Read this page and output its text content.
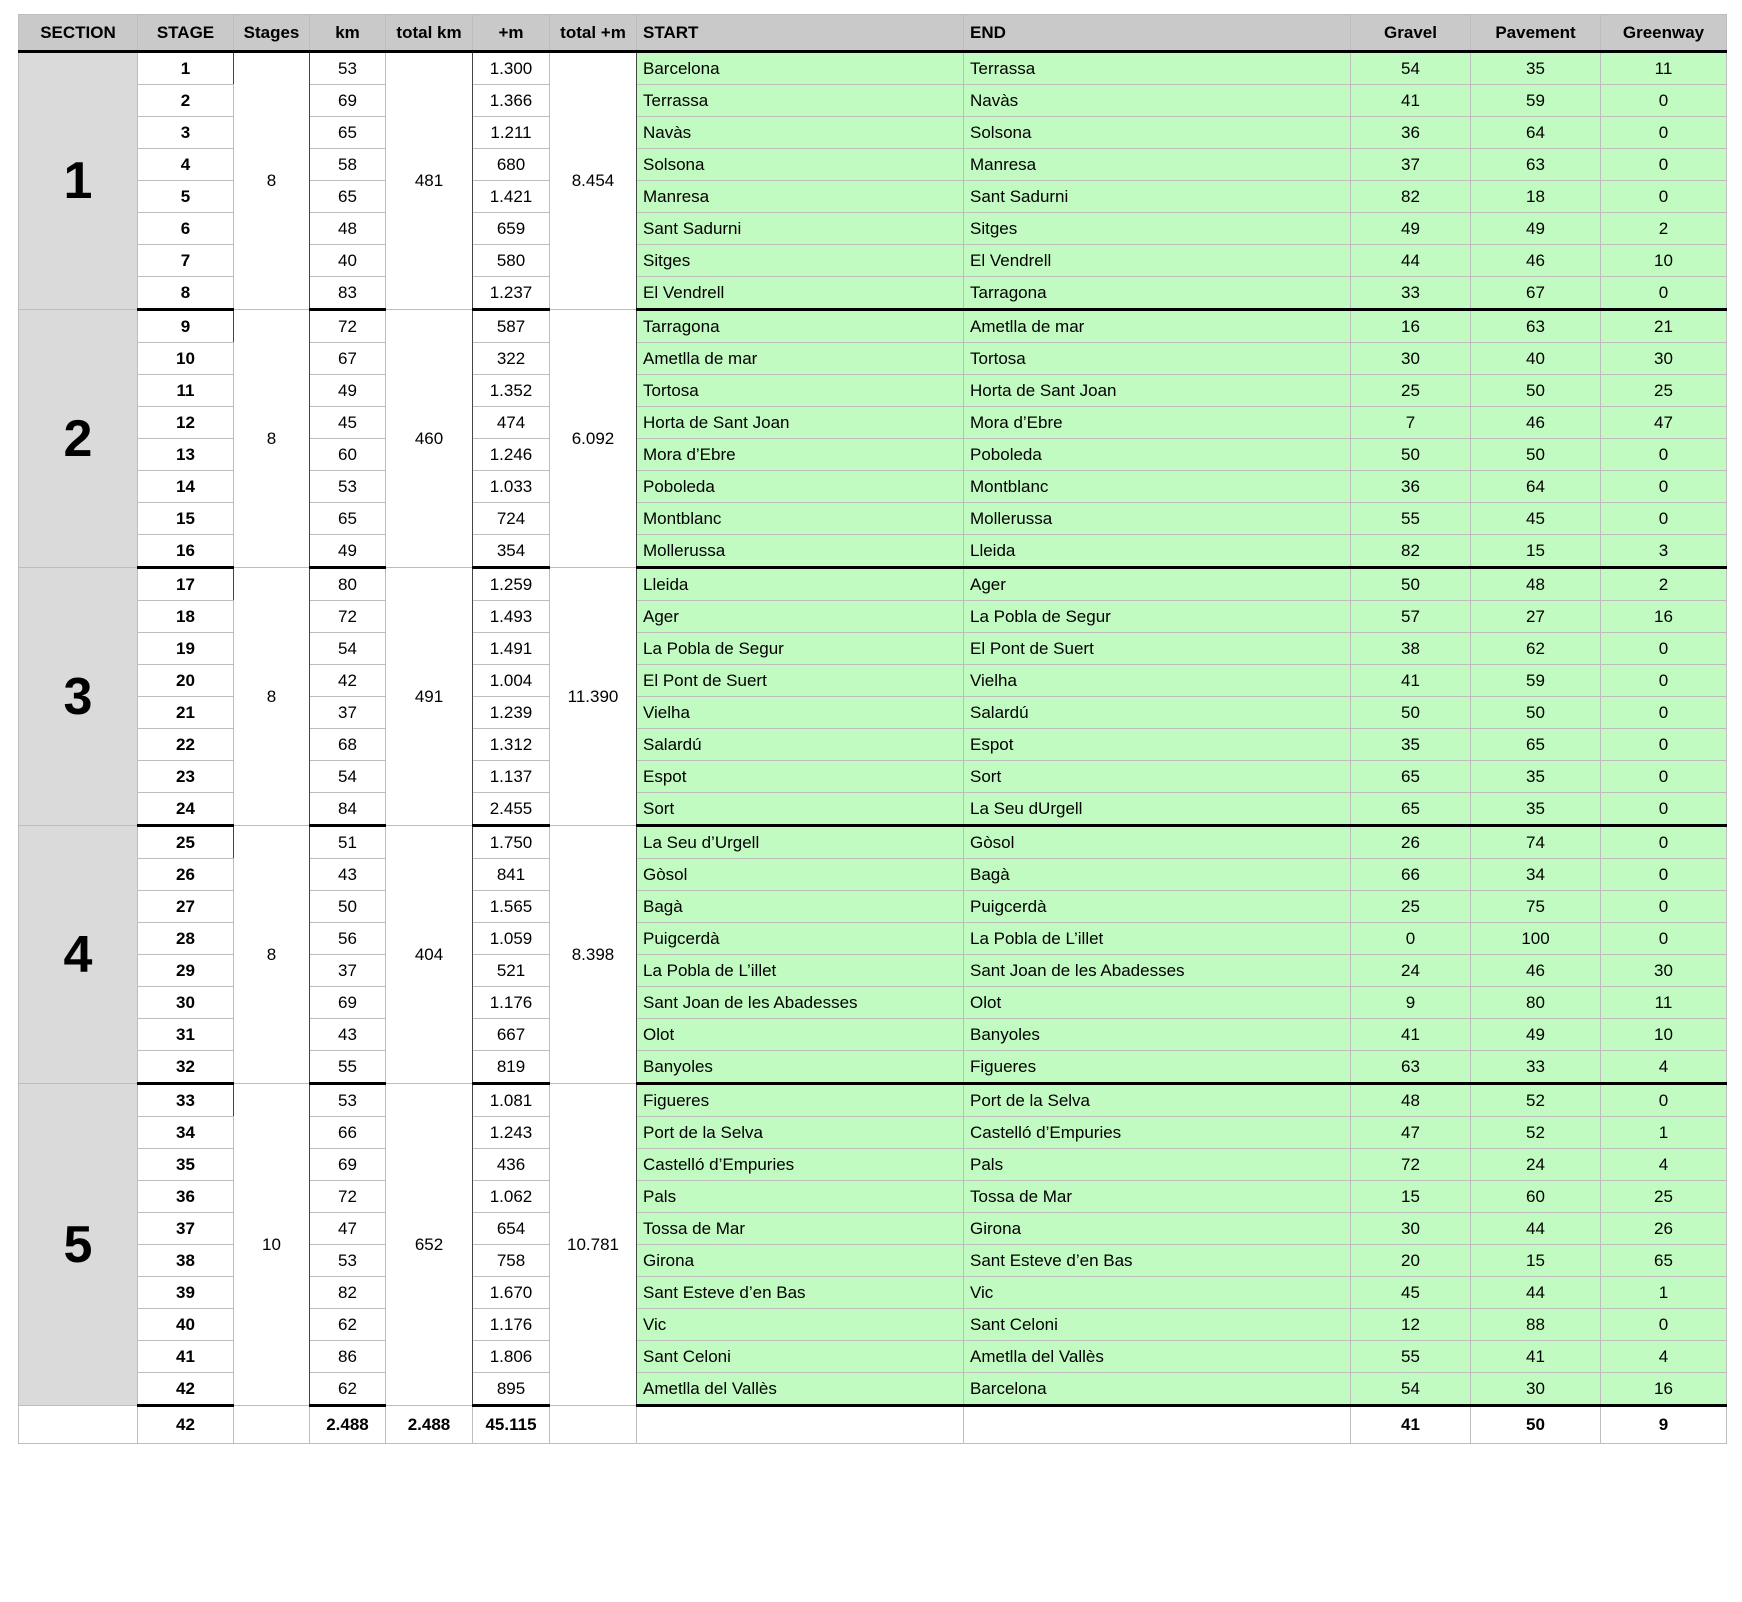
SECTION	STAGE	Stages	km	total km	+m	total +m	START	END	Gravel	Pavement	Greenway
1	1	8	53	481	1.300	8.454	Barcelona	Terrassa	54	35	11
	2		69		1.366		Terrassa	Navàs	41	59	0
	3		65		1.211		Navàs	Solsona	36	64	0
	4		58		680		Solsona	Manresa	37	63	0
	5		65		1.421		Manresa	Sant Sadurni	82	18	0
	6		48		659		Sant Sadurni	Sitges	49	49	2
	7		40		580		Sitges	El Vendrell	44	46	10
	8		83		1.237		El Vendrell	Tarragona	33	67	0
2	9	8	72	460	587	6.092	Tarragona	Ametlla de mar	16	63	21
	10		67		322		Ametlla de mar	Tortosa	30	40	30
	11		49		1.352		Tortosa	Horta de Sant Joan	25	50	25
	12		45		474		Horta de Sant Joan	Mora d’Ebre	7	46	47
	13		60		1.246		Mora d’Ebre	Poboleda	50	50	0
	14		53		1.033		Poboleda	Montblanc	36	64	0
	15		65		724		Montblanc	Mollerussa	55	45	0
	16		49		354		Mollerussa	Lleida	82	15	3
3	17	8	80	491	1.259	11.390	Lleida	Ager	50	48	2
	18		72		1.493		Ager	La Pobla de Segur	57	27	16
	19		54		1.491		La Pobla de Segur	El Pont de Suert	38	62	0
	20		42		1.004		El Pont de Suert	Vielha	41	59	0
	21		37		1.239		Vielha	Salardú	50	50	0
	22		68		1.312		Salardú	Espot	35	65	0
	23		54		1.137		Espot	Sort	65	35	0
	24		84		2.455		Sort	La Seu dUrgell	65	35	0
4	25	8	51	404	1.750	8.398	La Seu d’Urgell	Gòsol	26	74	0
	26		43		841		Gòsol	Bagà	66	34	0
	27		50		1.565		Bagà	Puigcerdà	25	75	0
	28		56		1.059		Puigcerdà	La Pobla de L’illet	0	100	0
	29		37		521		La Pobla de L’illet	Sant Joan de les Abadesses	24	46	30
	30		69		1.176		Sant Joan de les Abadesses	Olot	9	80	11
	31		43		667		Olot	Banyoles	41	49	10
	32		55		819		Banyoles	Figueres	63	33	4
5	33	10	53	652	1.081	10.781	Figueres	Port de la Selva	48	52	0
	34		66		1.243		Port de la Selva	Castelló d’Empuries	47	52	1
	35		69		436		Castelló d’Empuries	Pals	72	24	4
	36		72		1.062		Pals	Tossa de Mar	15	60	25
	37		47		654		Tossa de Mar	Girona	30	44	26
	38		53		758		Girona	Sant Esteve d’en Bas	20	15	65
	39		82		1.670		Sant Esteve d’en Bas	Vic	45	44	1
	40		62		1.176		Vic	Sant Celoni	12	88	0
	41		86		1.806		Sant Celoni	Ametlla del Vallès	55	41	4
	42		62		895		Ametlla del Vallès	Barcelona	54	30	16
	42		2.488	2.488	45.115				41	50	9
